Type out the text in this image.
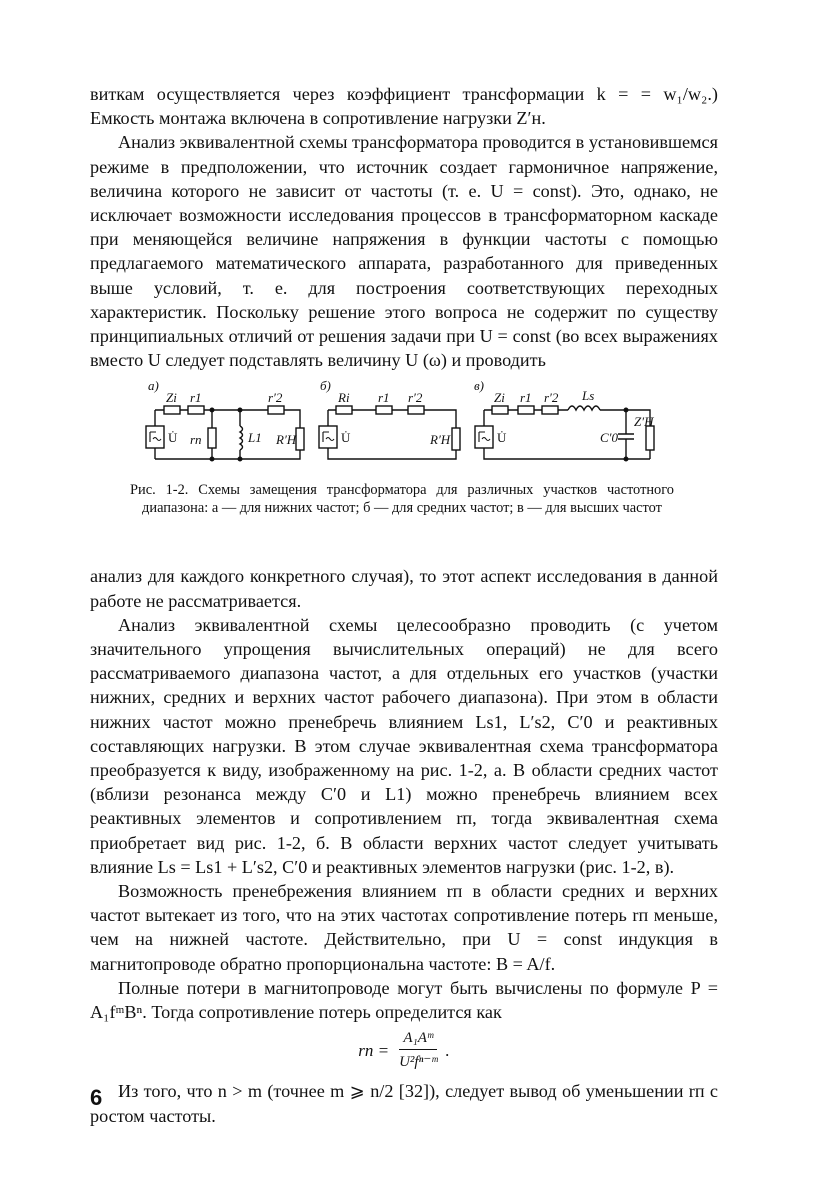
виткам осуществляется через коэффициент трансформации k = = w₁/w₂.) Емкость монтажа включена в сопротивление нагрузки Z′н.

Анализ эквивалентной схемы трансформатора проводится в установившемся режиме в предположении, что источник создает гармоничное напряжение, величина которого не зависит от частоты (т. е. U = const). Это, однако, не исключает возможности исследования процессов в трансформаторном каскаде при меняющейся величине напряжения в функции частоты с помощью предлагаемого математического аппарата, разработанного для приведенных выше условий, т. е. для построения соответствующих переходных характеристик. Поскольку решение этого вопроса не содержит по существу принципиальных отличий от решения задачи при U = const (во всех выражениях вместо U следует подставлять величину U (ω) и проводить

а)
Zi r1	r′2
U̇ rп	L1 R′H
б)
Ri r1 r′2
U̇	R′H
в)
Zi r1 r′2 Ls
U̇	C′0
Z′H
Рис. 1-2. Схемы замещения трансформатора для различных участков частотного диапазона: а — для нижних частот; б — для средних частот; в — для высших частот

анализ для каждого конкретного случая), то этот аспект исследования в данной работе не рассматривается.

Анализ эквивалентной схемы целесообразно проводить (с учетом значительного упрощения вычислительных операций) не для всего рассматриваемого диапазона частот, а для отдельных его участков (участки нижних, средних и верхних частот рабочего диапазона). При этом в области нижних частот можно пренебречь влиянием Ls1, L′s2, C′0 и реактивных составляющих нагрузки. В этом случае эквивалентная схема трансформатора преобразуется к виду, изображенному на рис. 1-2, а. В области средних частот (вблизи резонанса между C′0 и L1) можно пренебречь влиянием всех реактивных элементов и сопротивлением rп, тогда эквивалентная схема приобретает вид рис. 1-2, б. В области верхних частот следует учитывать влияние Ls = Ls1 + L′s2, C′0 и реактивных элементов нагрузки (рис. 1-2, в).

Возможность пренебрежения влиянием rп в области средних и верхних частот вытекает из того, что на этих частотах сопротивление потерь rп меньше, чем на нижней частоте. Действительно, при U = const индукция в магнитопроводе обратно пропорциональна частоте: B = A/f.

Полные потери в магнитопроводе могут быть вычислены по формуле P = A₁fᵐBⁿ. Тогда сопротивление потерь определится как

rп = $\frac{\text{A₁Aᵐ}}{\text{U²fⁿ⁻ᵐ}}$ .

Из того, что n > m (точнее m ⩾ n/2 [32]), следует вывод об уменьшении rп с ростом частоты.

6
